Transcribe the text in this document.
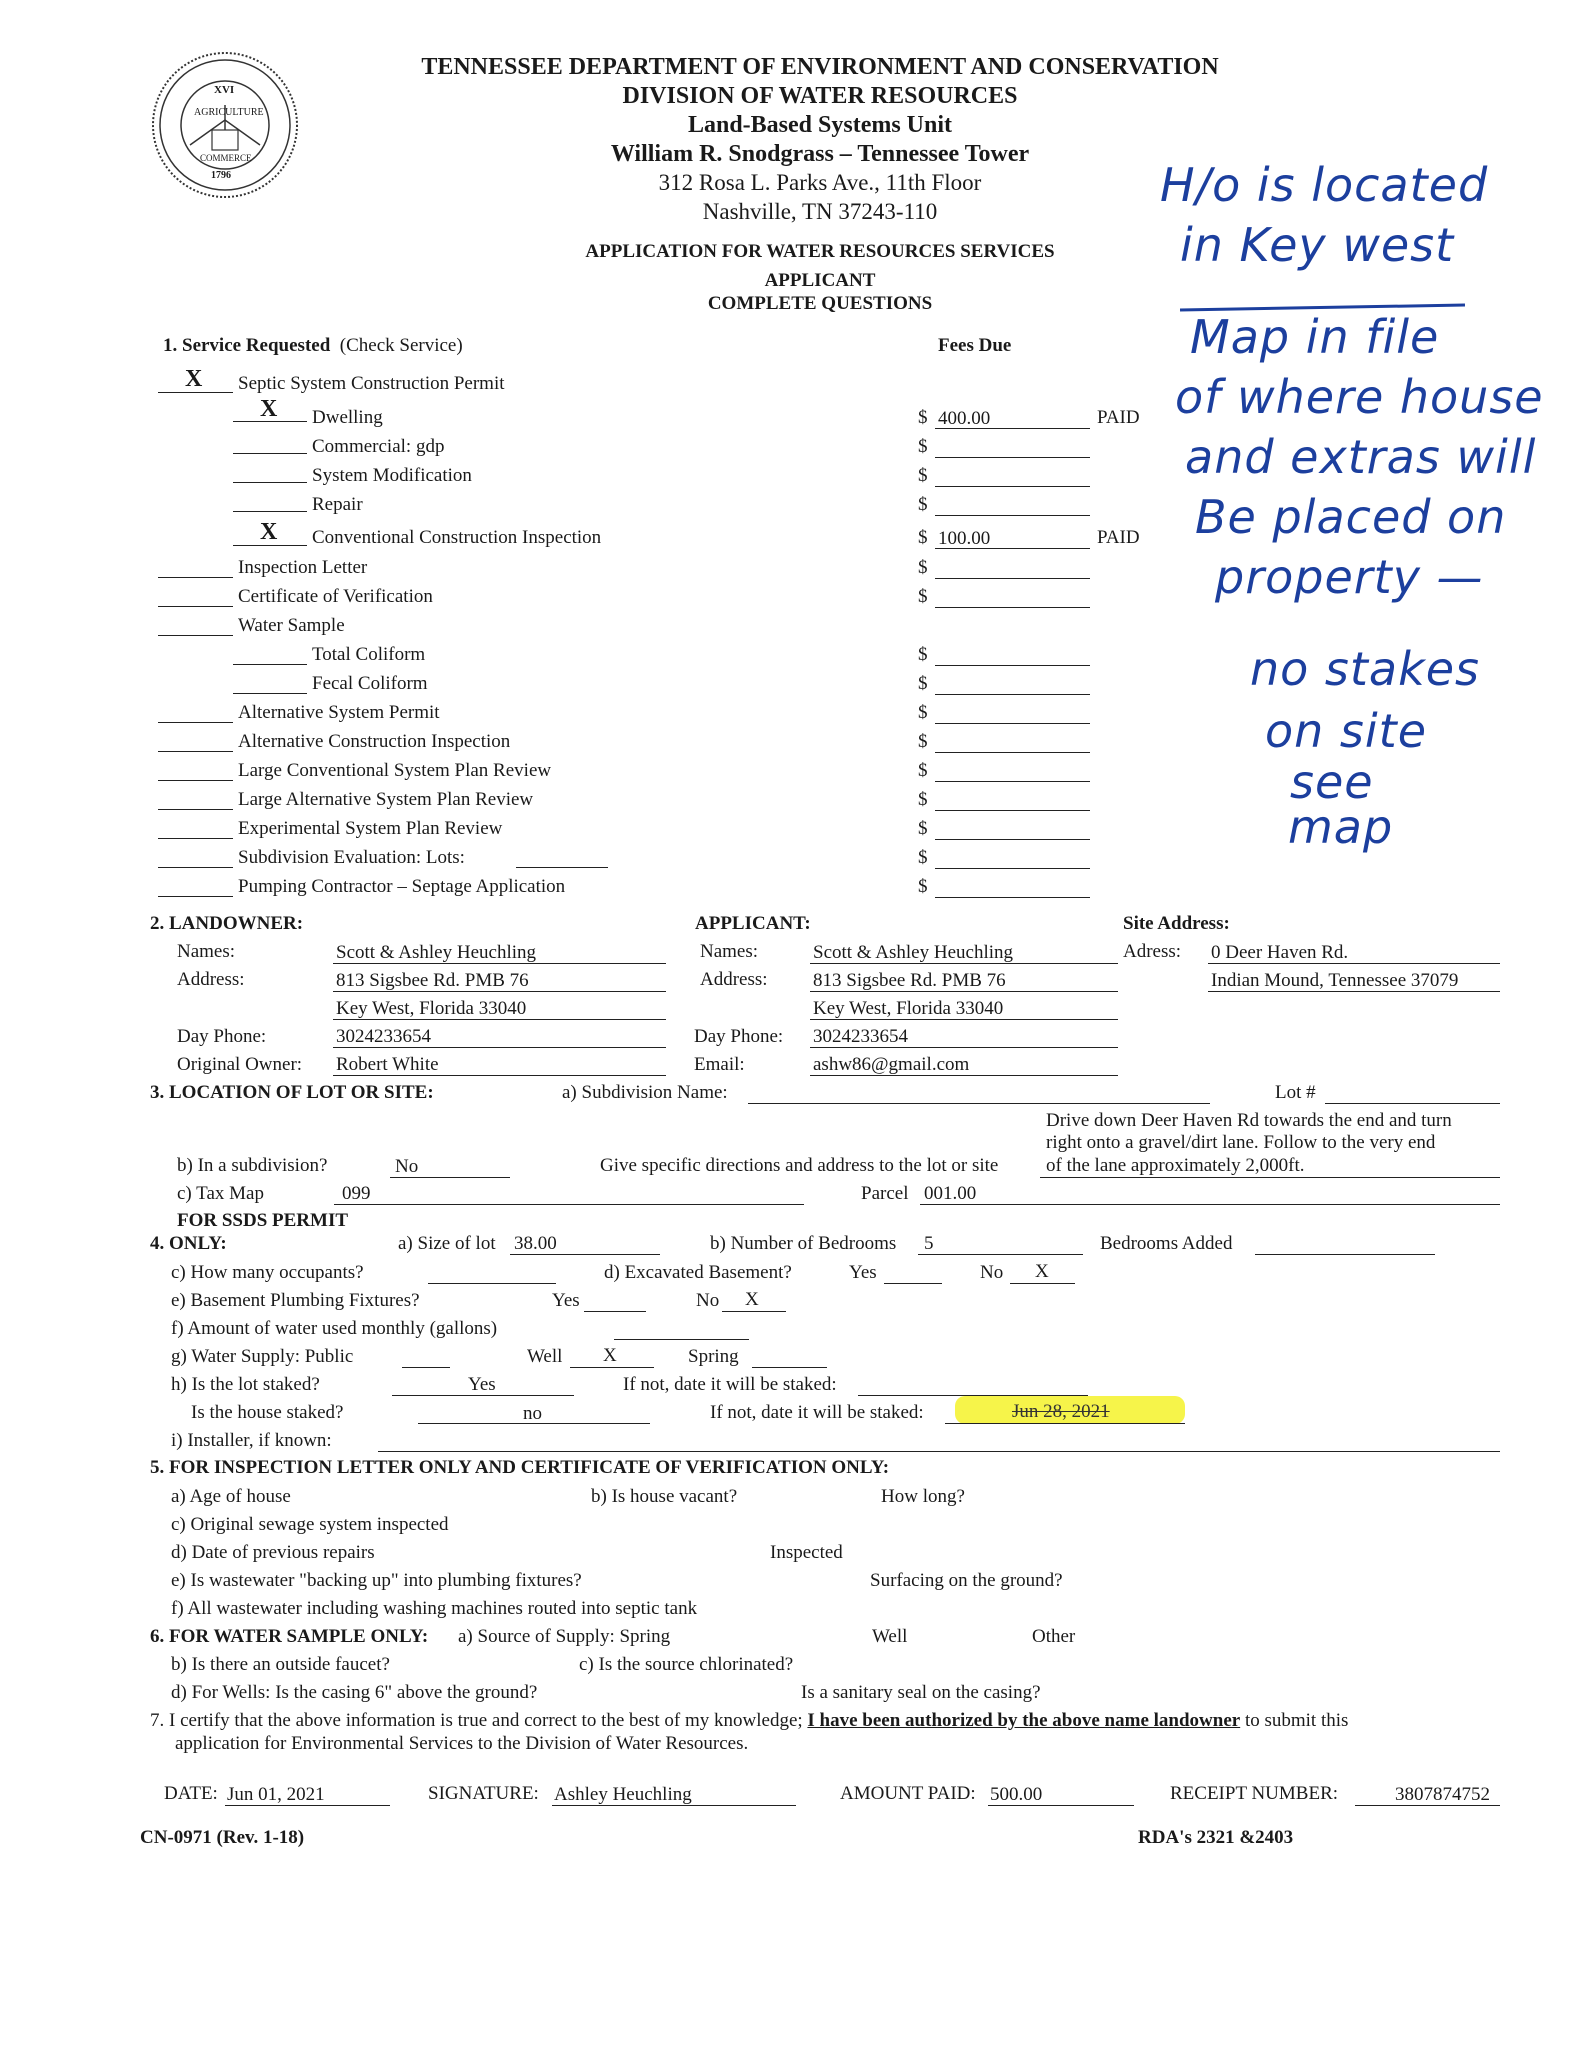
XVI
AGRICULTURE
COMMERCE
1796
TENNESSEE DEPARTMENT OF ENVIRONMENT AND CONSERVATION
DIVISION OF WATER RESOURCES
Land-Based Systems Unit
William R. Snodgrass – Tennessee Tower
312 Rosa L. Parks Ave., 11th Floor
Nashville, TN 37243-110
APPLICATION FOR WATER RESOURCES SERVICES
APPLICANT
COMPLETE QUESTIONS
1. Service Requested (Check Service)	Fees Due
X Septic System Construction Permit
X Dwelling	$ 400.00	PAID
Commercial: gdp	$
System Modification	$
Repair	$
X Conventional Construction Inspection	$ 100.00	PAID
Inspection Letter	$
Certificate of Verification	$
Water Sample
Total Coliform	$
Fecal Coliform	$
Alternative System Permit	$
Alternative Construction Inspection	$
Large Conventional System Plan Review	$
Large Alternative System Plan Review	$
Experimental System Plan Review	$
Subdivision Evaluation: Lots:	$
Pumping Contractor – Septage Application	$
2. LANDOWNER:	APPLICANT:	Site Address:
Names:	Scott & Ashley Heuchling
Address:	813 Sigsbee Rd. PMB 76
Key West, Florida 33040
Day Phone:	3024233654
Original Owner: Robert White
Names:	Scott & Ashley Heuchling
Address: 813 Sigsbee Rd. PMB 76
Key West, Florida 33040
Day Phone: 3024233654
Email:	ashw86@gmail.com
Adress: 0 Deer Haven Rd.
Indian Mound, Tennessee 37079
3. LOCATION OF LOT OR SITE:	a) Subdivision Name:	Lot #
Drive down Deer Haven Rd towards the end and turn
right onto a gravel/dirt lane. Follow to the very end
b) In a subdivision?	No	Give specific directions and address to the lot or site	of the lane approximately 2,000ft.
c) Tax Map	099	Parcel 001.00
FOR SSDS PERMIT
4. ONLY:	a) Size of lot 38.00	b) Number of Bedrooms 5	Bedrooms Added
c) How many occupants?	d) Excavated Basement?	Yes	No X
e) Basement Plumbing Fixtures?	Yes	No X
f) Amount of water used monthly (gallons)
g) Water Supply: Public	Well X	Spring
h) Is the lot staked?	Yes	If not, date it will be staked:
Is the house staked?	no	If not, date it will be staked:	Jun 28, 2021
i) Installer, if known:
5. FOR INSPECTION LETTER ONLY AND CERTIFICATE OF VERIFICATION ONLY:
a) Age of house	b) Is house vacant?	How long?
c) Original sewage system inspected
d) Date of previous repairs	Inspected
e) Is wastewater "backing up" into plumbing fixtures?	Surfacing on the ground?
f) All wastewater including washing machines routed into septic tank
6. FOR WATER SAMPLE ONLY: a) Source of Supply: Spring	Well	Other
b) Is there an outside faucet?	c) Is the source chlorinated?
d) For Wells: Is the casing 6" above the ground?	Is a sanitary seal on the casing?
7. I certify that the above information is true and correct to the best of my knowledge; I have been authorized by the above name landowner to submit this
application for Environmental Services to the Division of Water Resources.
DATE: Jun 01, 2021	SIGNATURE: Ashley Heuchling	AMOUNT PAID: 500.00	RECEIPT NUMBER:	3807874752
CN-0971 (Rev. 1-18)	RDA's 2321 &2403
H/o is located
in Key west
Map in file
of where house
and extras will
Be placed on
property —
no stakes
on site
see
map
